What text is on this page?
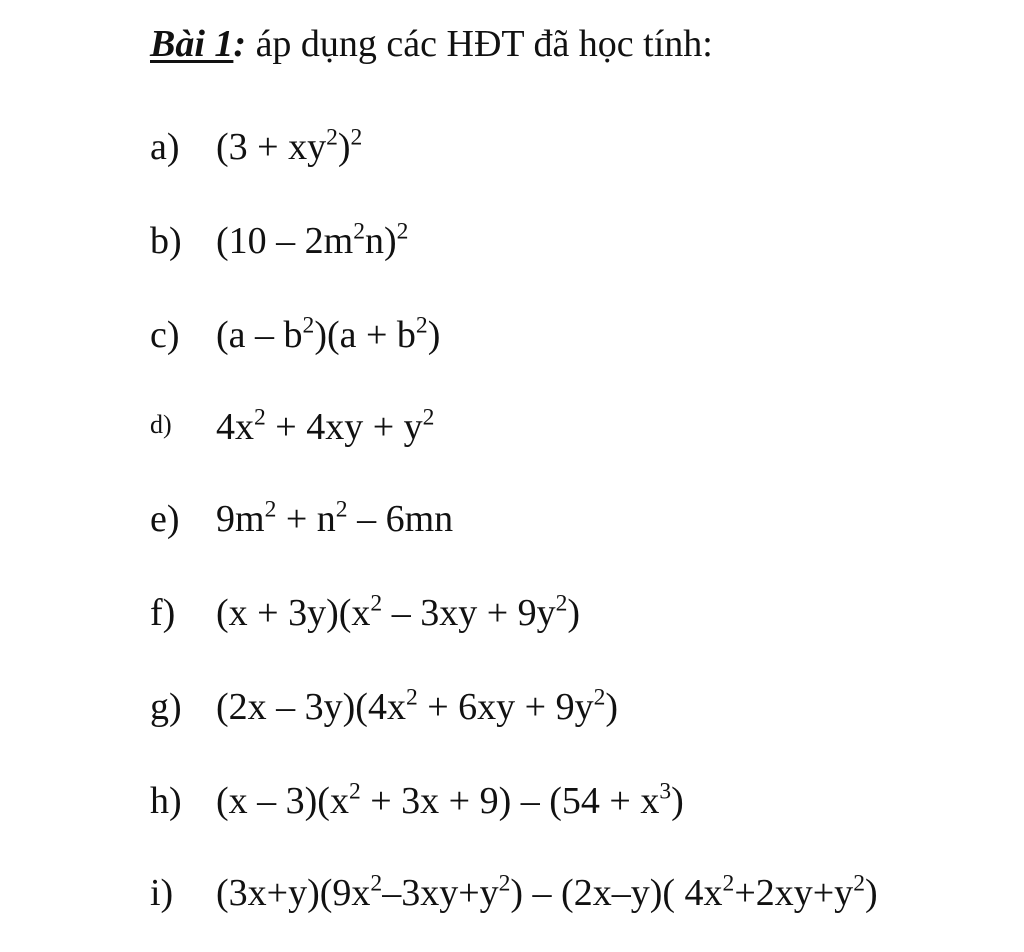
Bài 1: áp dụng các HĐT đã học tính:
a) $(3 + xy^2)^2$
b) $(10 - 2m^2n)^2$
c) $(a - b^2)(a + b^2)$
d) $4x^2 + 4xy + y^2$
e) $9m^2 + n^2 - 6mn$
f) $(x + 3y)(x^2 - 3xy + 9y^2)$
g) $(2x - 3y)(4x^2 + 6xy + 9y^2)$
h) $(x - 3)(x^2 + 3x + 9) - (54 + x^3)$
i) $(3x+y)(9x^2-3xy+y^2) - (2x-y)$( $4x^2+2xy+y^2$)
